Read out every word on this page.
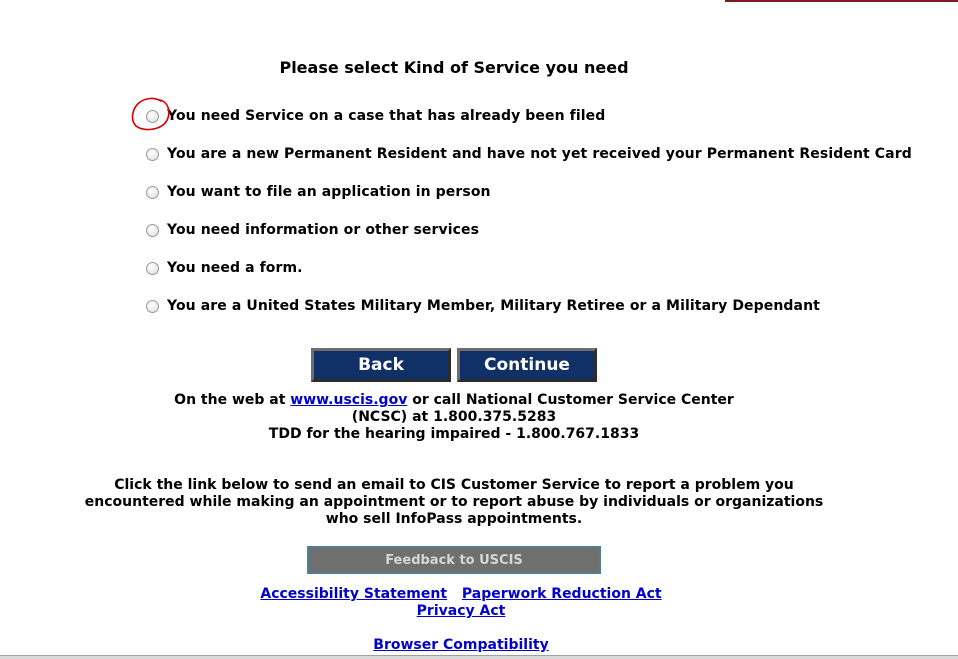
Please select Kind of Service you need
You need Service on a case that has already been filed
You are a new Permanent Resident and have not yet received your Permanent Resident Card
You want to file an application in person
You need information or other services
You need a form.
You are a United States Military Member, Military Retiree or a Military Dependant
Back	Continue
On the web at www.uscis.gov or call National Customer Service Center
(NCSC) at 1.800.375.5283
TDD for the hearing impaired - 1.800.767.1833
Click the link below to send an email to CIS Customer Service to report a problem you
encountered while making an appointment or to report abuse by individuals or organizations
who sell InfoPass appointments.
Feedback to USCIS
Accessibility Statement Paperwork Reduction Act
Privacy Act
Browser Compatibility
